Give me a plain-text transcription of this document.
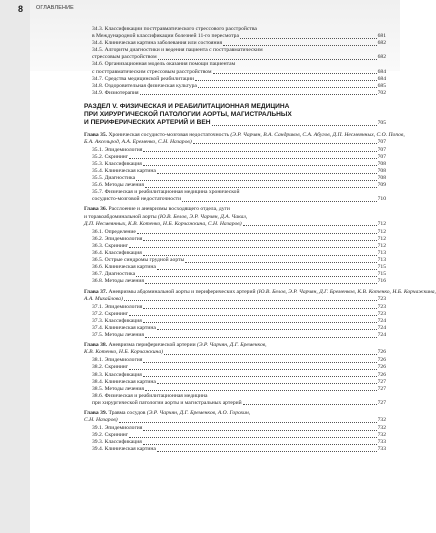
8 ОГЛАВЛЕНИЕ
34.3. Классификации посттравматического стрессового расстройства
в Международной классификации болезней 11-го пересмотра	681
34.4. Клиническая картина заболевания или состояния	682
34.5. Алгоритм диагностики и ведения пациента с посттравматическим
стрессовым расстройством	682
34.6. Организационная модель оказания помощи пациентам
с посттравматическим стрессовым расстройством	684
34.7. Средства медицинской реабилитации	684
34.8. Оздоровительная физическая культура	685
34.9. Физиотерапия	702
РАЗДЕЛ V. ФИЗИЧЕСКАЯ И РЕАБИЛИТАЦИОННАЯ МЕДИЦИНА
ПРИ ХИРУРГИЧЕСКОЙ ПАТОЛОГИИ АОРТЫ, МАГИСТРАЛЬНЫХ
И ПЕРИФЕРИЧЕСКИХ АРТЕРИЙ И ВЕН	705
Глава 35. Хроническая сосудисто-мозговая недостаточность (Э.Р. Чарчян, В.А. Сандриков, С.А. Абугов, Д.П. Несмеянных, С.О. Попов,
Б.А. Аксельрод, А.А. Еременко, С.Н. Назаров)	707
35.1. Эпидемиология	707
35.2. Скрининг	707
35.3. Классификация	708
35.4. Клиническая картина	708
35.5. Диагностика	708
35.6. Методы лечения	709
35.7. Физическая и реабилитационная медицина хронической
сосудисто-мозговой недостаточности	710
Глава 36. Расслоение и аневризмы восходящего отдела, дуги
и торакоабдоминальной аорты (Ю.В. Белов, Э.Р. Чарчян, Д.А. Чакал,
Д.П. Несмеянных, К.В. Котенко, Н.Б. Корчажкина, С.Н. Назаров)	712
36.1. Определение	712
36.2. Эпидемиология	712
36.3. Скрининг	712
36.4. Классификация	713
36.5. Острые синдромы грудной аорты	713
36.6. Клиническая картина	715
36.7. Диагностика	715
36.8. Методы лечения	716
Глава 37. Аневризмы абдоминальной аорты и периферических артерий (Ю.В. Белов, Э.Р. Чарчян, Д.Г. Бременков, К.В. Котенко, Н.Б. Корчажкина,
А.А. Михайлова)	723
37.1. Эпидемиология	723
37.2. Скрининг	723
37.3. Классификация	724
37.4. Клиническая картина	724
37.5. Методы лечения	724
Глава 38. Аневризма периферической артерии (Э.Р. Чарчян, Д.Г. Бременков,
К.В. Котенко, Н.Б. Корчажкина)	726
38.1. Эпидемиология	726
38.2. Скрининг	726
38.3. Классификация	726
38.4. Клиническая картина	727
38.5. Методы лечения	727
38.6. Физическая и реабилитационная медицина
при хирургической патологии аорты и магистральных артерий	727
Глава 39. Травма сосудов (Э.Р. Чарчян, Д.Г. Бременков, А.О. Горохин,
С.Н. Назаров)	732
39.1. Эпидемиология	732
39.2. Скрининг	732
39.3. Классификация	733
39.4. Клиническая картина	733
